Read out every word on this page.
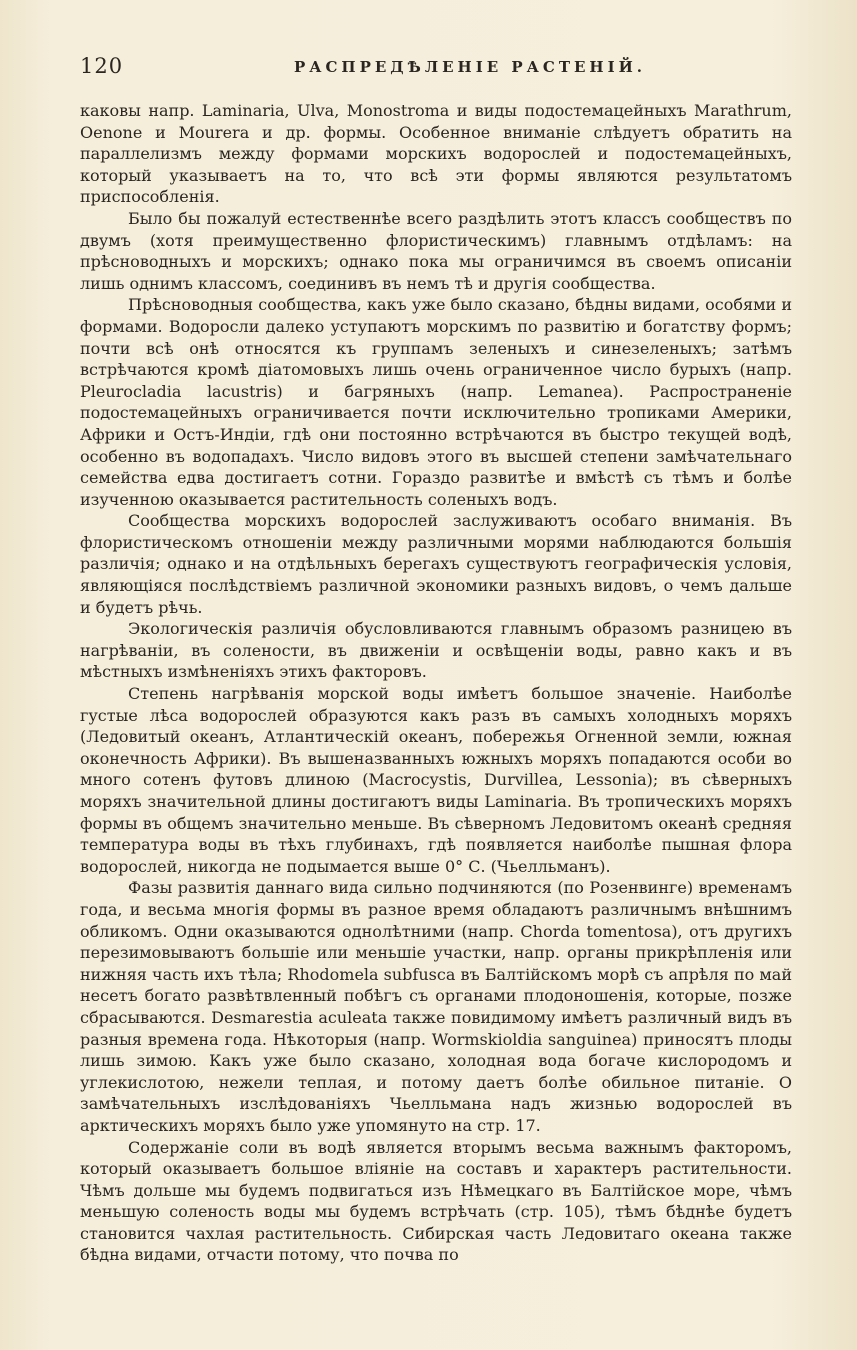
120	РАСПРЕДѢЛЕНІЕ РАСТЕНІЙ.

каковы напр. Laminaria, Ulva, Monostroma и виды подостемацейныхъ Marathrum, Oenone и Mourera и др. формы. Особенное вниманіе слѣдуетъ обратить на параллелизмъ между формами морскихъ водорослей и подостемацейныхъ, который указываетъ на то, что всѣ эти формы являются результатомъ приспособленія.

Было бы пожалуй естественнѣе всего раздѣлить этотъ классъ сообществъ по двумъ (хотя преимущественно флористическимъ) главнымъ отдѣламъ: на прѣсноводныхъ и морскихъ; однако пока мы ограничимся въ своемъ описаніи лишь однимъ классомъ, соединивъ въ немъ тѣ и другія сообщества.

Прѣсноводныя сообщества, какъ уже было сказано, бѣдны видами, особями и формами. Водоросли далеко уступаютъ морскимъ по развитію и богатству формъ; почти всѣ онѣ относятся къ группамъ зеленыхъ и синезеленыхъ; затѣмъ встрѣчаются кромѣ діатомовыхъ лишь очень ограниченное число бурыхъ (напр. Pleurocladia lacustris) и багряныхъ (напр. Lemanea). Распространеніе подостемацейныхъ ограничивается почти исключительно тропиками Америки, Африки и Остъ-Индіи, гдѣ они постоянно встрѣчаются въ быстро текущей водѣ, особенно въ водопадахъ. Число видовъ этого въ высшей степени замѣчательнаго семейства едва достигаетъ сотни. Гораздо развитѣе и вмѣстѣ съ тѣмъ и болѣе изученною оказывается растительность соленыхъ водъ.

Сообщества морскихъ водорослей заслуживаютъ особаго вниманія. Въ флористическомъ отношеніи между различными морями наблюдаются большія различія; однако и на отдѣльныхъ берегахъ существуютъ географическія условія, являющіяся послѣдствіемъ различной экономики разныхъ видовъ, о чемъ дальше и будетъ рѣчь.

Экологическія различія обусловливаются главнымъ образомъ разницею въ нагрѣваніи, въ солености, въ движеніи и освѣщеніи воды, равно какъ и въ мѣстныхъ измѣненіяхъ этихъ факторовъ.

Степень нагрѣванія морской воды имѣетъ большое значеніе. Наиболѣе густые лѣса водорослей образуются какъ разъ въ самыхъ холодныхъ моряхъ (Ледовитый океанъ, Атлантическій океанъ, побережья Огненной земли, южная оконечность Африки). Въ вышеназванныхъ южныхъ моряхъ попадаются особи во много сотенъ футовъ длиною (Macrocystis, Durvillea, Lessonia); въ сѣверныхъ моряхъ значительной длины достигаютъ виды Laminaria. Въ тропическихъ моряхъ формы въ общемъ значительно меньше. Въ сѣверномъ Ледовитомъ океанѣ средняя температура воды въ тѣхъ глубинахъ, гдѣ появляется наиболѣе пышная флора водорослей, никогда не подымается выше 0° С. (Чьелльманъ).

Фазы развитія даннаго вида сильно подчиняются (по Розенвинге) временамъ года, и весьма многія формы въ разное время обладаютъ различнымъ внѣшнимъ обликомъ. Одни оказываются однолѣтними (напр. Chorda tomentosa), отъ другихъ перезимовываютъ большіе или меньшіе участки, напр. органы прикрѣпленія или нижняя часть ихъ тѣла; Rhodomela subfusca въ Балтійскомъ морѣ съ апрѣля по май несетъ богато развѣтвленный побѣгъ съ органами плодоношенія, которые, позже сбрасываются. Desmarestia aculeata также повидимому имѣетъ различный видъ въ разныя времена года. Нѣкоторыя (напр. Wormskioldia sanguinea) приносятъ плоды лишь зимою. Какъ уже было сказано, холодная вода богаче кислородомъ и углекислотою, нежели теплая, и потому даетъ болѣе обильное питаніе. О замѣчательныхъ изслѣдованіяхъ Чьелльмана надъ жизнью водорослей въ арктическихъ моряхъ было уже упомянуто на стр. 17.

Содержаніе соли въ водѣ является вторымъ весьма важнымъ факторомъ, который оказываетъ большое вліяніе на составъ и характеръ растительности. Чѣмъ дольше мы будемъ подвигаться изъ Нѣмецкаго въ Балтійское море, чѣмъ меньшую соленость воды мы будемъ встрѣчать (стр. 105), тѣмъ бѣднѣе будетъ становится чахлая растительность. Сибирская часть Ледовитаго океана также бѣдна видами, отчасти потому, что почва по
